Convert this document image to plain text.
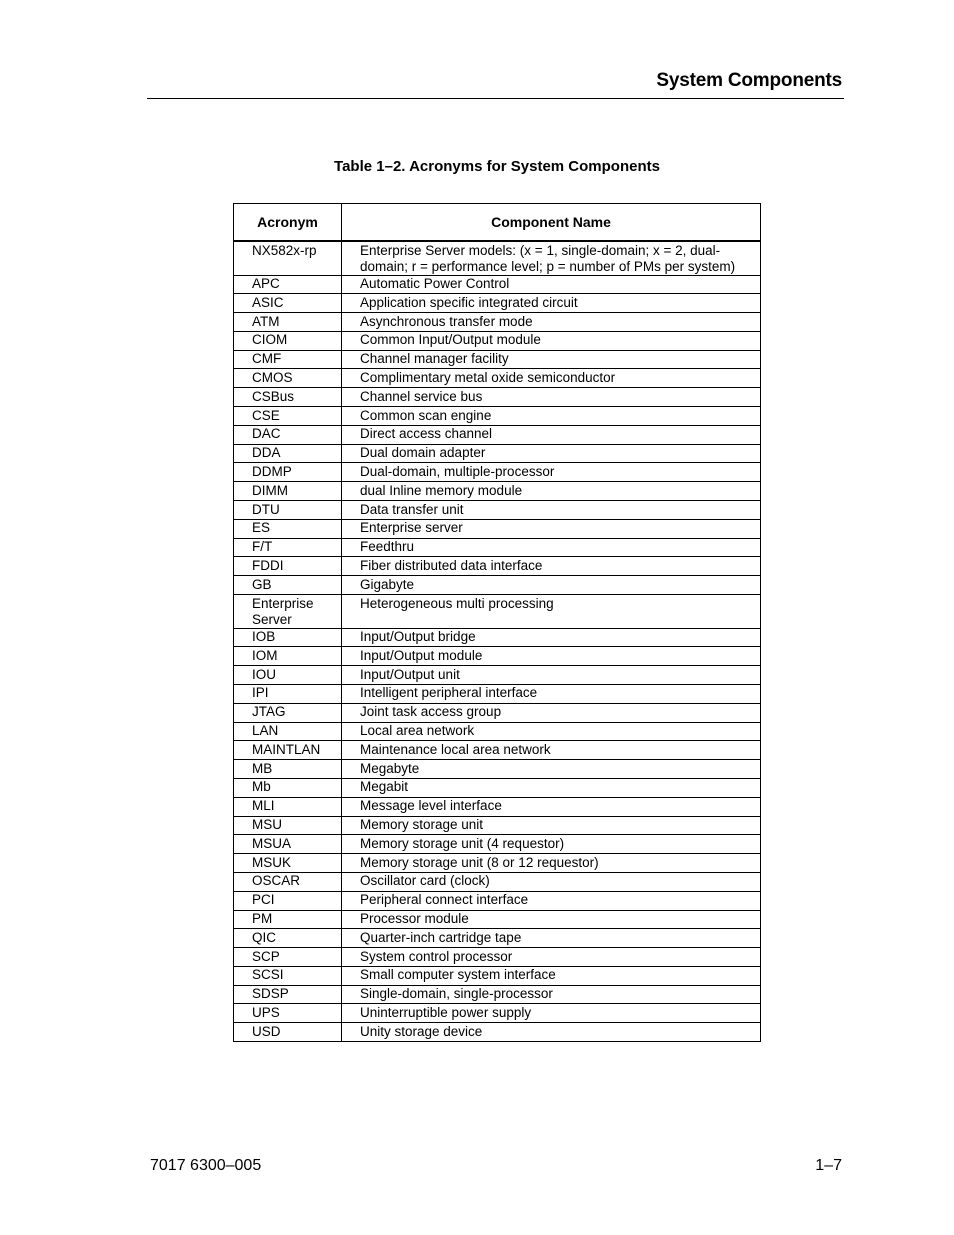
System Components
Table 1–2. Acronyms for System Components
Acronym	Component Name
NX582x-rp	Enterprise Server models: (x = 1, single-domain; x = 2, dual-domain; r = performance level; p = number of PMs per system)
APC	Automatic Power Control
ASIC	Application specific integrated circuit
ATM	Asynchronous transfer mode
CIOM	Common Input/Output module
CMF	Channel manager facility
CMOS	Complimentary metal oxide semiconductor
CSBus	Channel service bus
CSE	Common scan engine
DAC	Direct access channel
DDA	Dual domain adapter
DDMP	Dual-domain, multiple-processor
DIMM	dual Inline memory module
DTU	Data transfer unit
ES	Enterprise server
F/T	Feedthru
FDDI	Fiber distributed data interface
GB	Gigabyte
Enterprise Server	Heterogeneous multi processing
IOB	Input/Output bridge
IOM	Input/Output module
IOU	Input/Output unit
IPI	Intelligent peripheral interface
JTAG	Joint task access group
LAN	Local area network
MAINTLAN	Maintenance local area network
MB	Megabyte
Mb	Megabit
MLI	Message level interface
MSU	Memory storage unit
MSUA	Memory storage unit (4 requestor)
MSUK	Memory storage unit (8 or 12 requestor)
OSCAR	Oscillator card (clock)
PCI	Peripheral connect interface
PM	Processor module
QIC	Quarter-inch cartridge tape
SCP	System control processor
SCSI	Small computer system interface
SDSP	Single-domain, single-processor
UPS	Uninterruptible power supply
USD	Unity storage device
7017 6300–005	1–7
